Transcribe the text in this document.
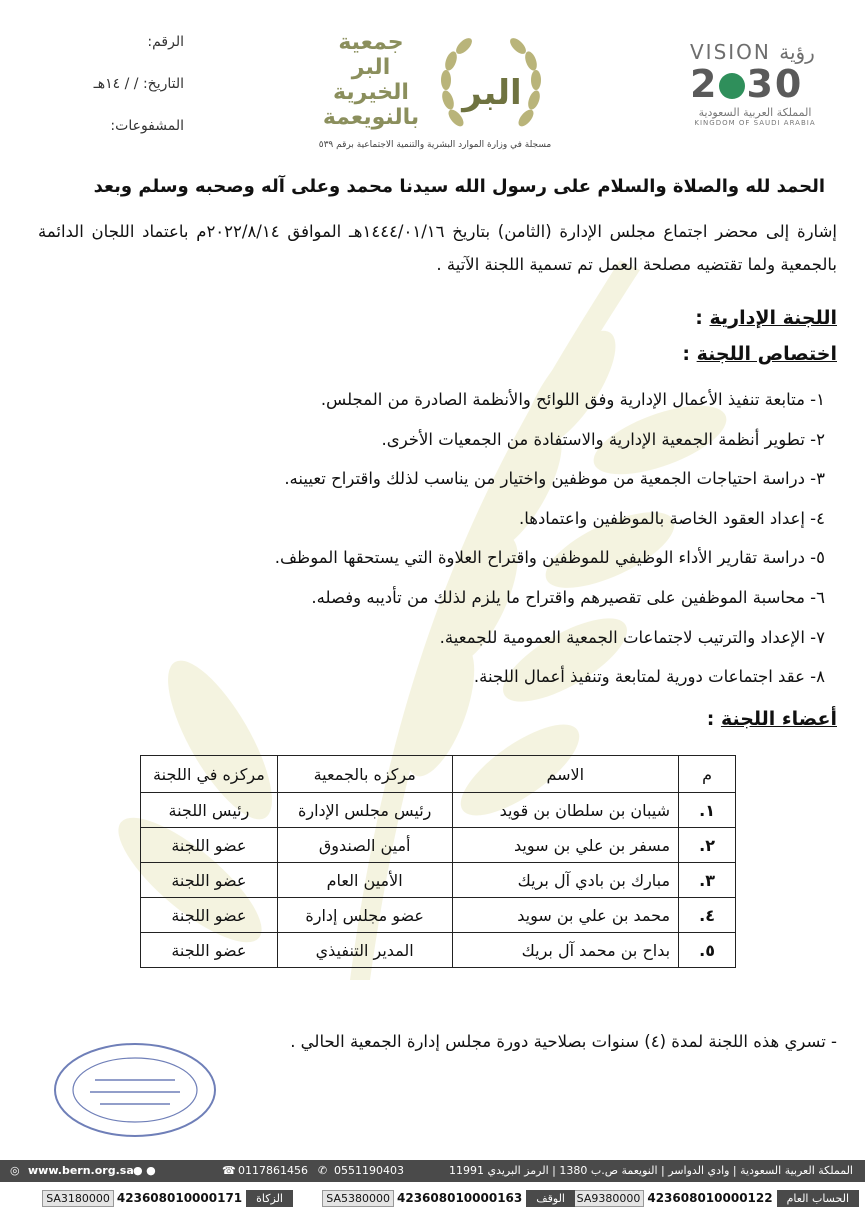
الرقم:
التاريخ: / / ١٤هـ
المشفوعات:
جمعية
البر
الخيرية
بالنويعمة
البر
مسجلة في وزارة الموارد البشرية والتنمية الاجتماعية برقم ٥٣٩
VISION رؤية
2 30
المملكة العربية السعودية
KINGDOM OF SAUDI ARABIA
الحمد لله والصلاة والسلام على رسول الله سيدنا محمد وعلى آله وصحبه وسلم وبعد
إشارة إلى محضر اجتماع مجلس الإدارة (الثامن) بتاريخ ١٤٤٤/٠١/١٦هـ الموافق ٢٠٢٢/٨/١٤م باعتماد اللجان الدائمة بالجمعية ولما تقتضيه مصلحة العمل تم تسمية اللجنة الآتية .
اللجنة الإدارية :
اختصاص اللجنة :
١- متابعة تنفيذ الأعمال الإدارية وفق اللوائح والأنظمة الصادرة من المجلس.
٢- تطوير أنظمة الجمعية الإدارية والاستفادة من الجمعيات الأخرى.
٣- دراسة احتياجات الجمعية من موظفين واختيار من يناسب لذلك واقتراح تعيينه.
٤- إعداد العقود الخاصة بالموظفين واعتمادها.
٥- دراسة تقارير الأداء الوظيفي للموظفين واقتراح العلاوة التي يستحقها الموظف.
٦- محاسبة الموظفين على تقصيرهم واقتراح ما يلزم لذلك من تأديبه وفصله.
٧- الإعداد والترتيب لاجتماعات الجمعية العمومية للجمعية.
٨- عقد اجتماعات دورية لمتابعة وتنفيذ أعمال اللجنة.
أعضاء اللجنة :
م	الاسم	مركزه بالجمعية	مركزه في اللجنة
١.	شيبان بن سلطان بن قويد	رئيس مجلس الإدارة	رئيس اللجنة
٢.	مسفر بن علي بن سويد	أمين الصندوق	عضو اللجنة
٣.	مبارك بن بادي آل بريك	الأمين العام	عضو اللجنة
٤.	محمد بن علي بن سويد	عضو مجلس إدارة	عضو اللجنة
٥.	بداح بن محمد آل بريك	المدير التنفيذي	عضو اللجنة
- تسري هذه اللجنة لمدة (٤) سنوات بصلاحية دورة مجلس إدارة الجمعية الحالي .
◎ www.bern.org.sa ● ●	☎ 0117861456 ✆ 0551190403	المملكة العربية السعودية | وادي الدواسر | النويعمة ص.ب 1380 | الرمز البريدي 11991
الحساب العام423608010000122SA9380000
الوقف423608010000163SA5380000
الزكاة423608010000171SA3180000
